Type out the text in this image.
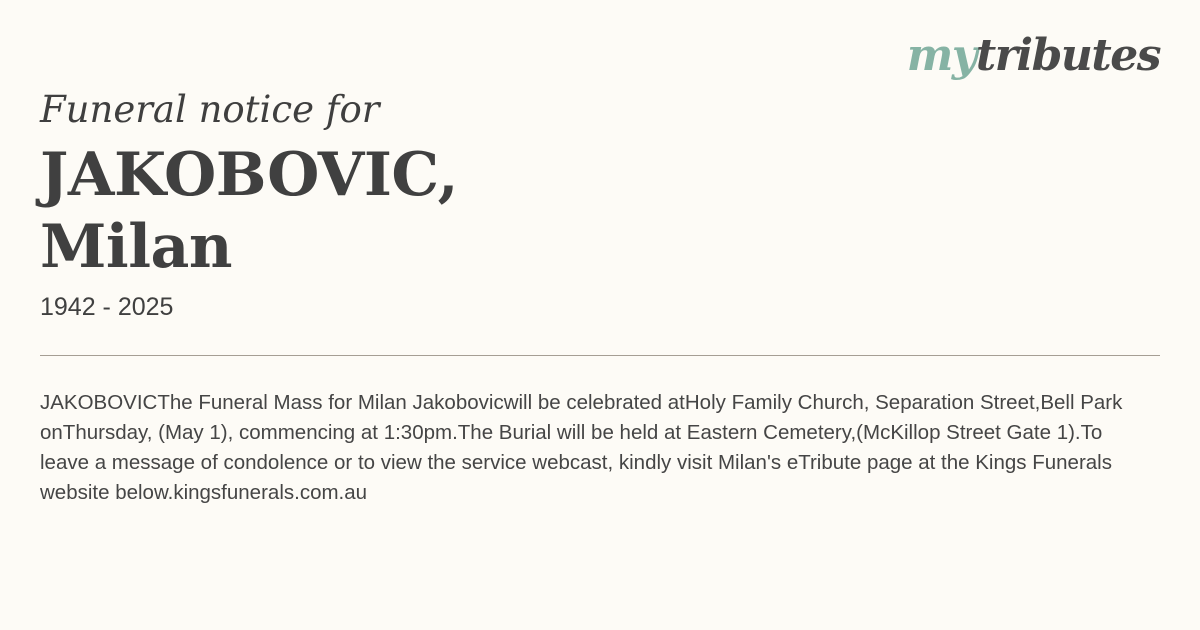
mytributes
Funeral notice for
JAKOBOVIC,
Milan

1942 - 2025

JAKOBOVICThe Funeral Mass for Milan Jakobovicwill be celebrated atHoly Family Church, Separation Street,Bell Park onThursday, (May 1), commencing at 1:30pm.The Burial will be held at Eastern Cemetery,(McKillop Street Gate 1).To leave a message of condolence or to view the service webcast, kindly visit Milan's eTribute page at the Kings Funerals website below.kingsfunerals.com.au
